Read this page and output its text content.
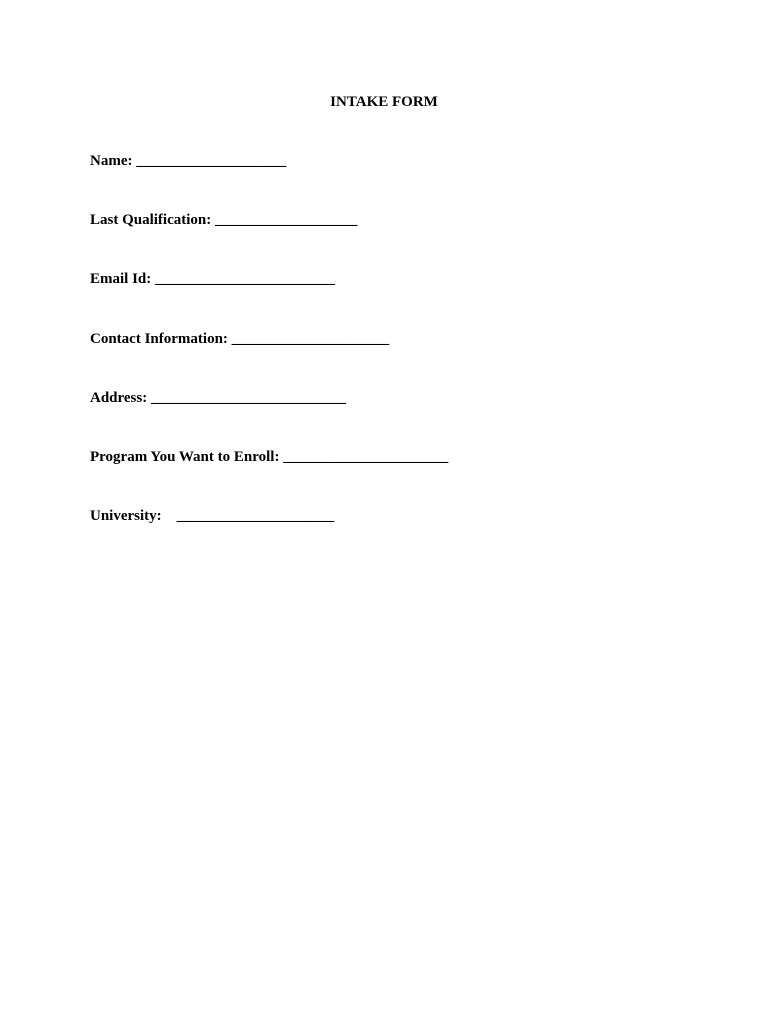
INTAKE FORM
Name: ____________________
Last Qualification: ___________________
Email Id: ________________________
Contact Information: _____________________
Address: __________________________
Program You Want to Enroll: ______________________
University: _____________________
